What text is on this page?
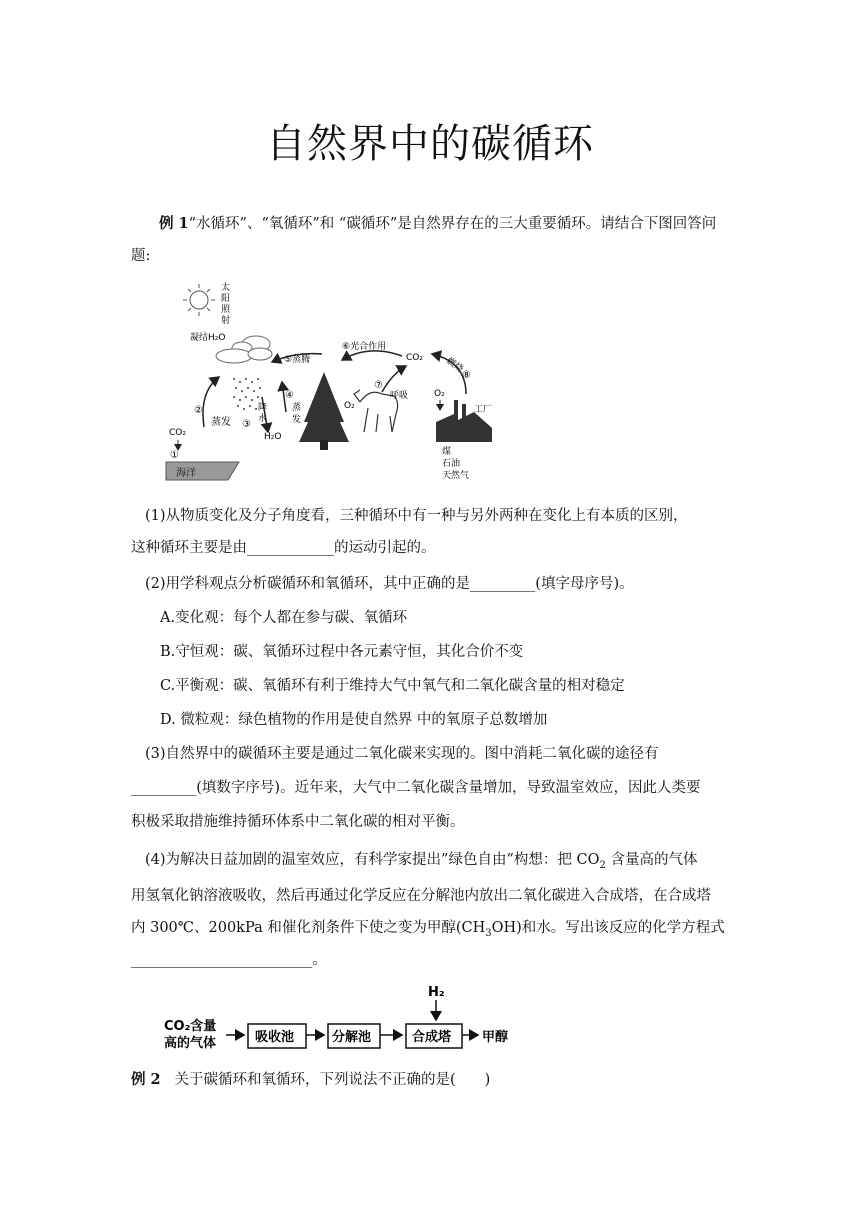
自然界中的碳循环
例 1“水循环”、“氧循环”和 “碳循环”是自然界存在的三大重要循环。请结合下图回答问 题:
太
阳
照
射
凝结H₂O
②
蒸发 ③
降
水
H₂O
CO₂
①
海洋
⑤蒸腾
④
蒸
发
⑥光合作用
CO₂
O₂
⑦
呼吸
燃烧
⑧
O₂
工厂
煤
石油
天然气
(1)从物质变化及分子角度看，三种循环中有一种与另外两种在变化上有本质的区别，
这种循环主要是由____________的运动引起的。
(2)用学科观点分析碳循环和氧循环，其中正确的是_________(填字母序号)。
A.变化观：每个人都在参与碳、氧循环
B.守恒观：碳、氧循环过程中各元素守恒，其化合价不变
C.平衡观：碳、氧循环有利于维持大气中氧气和二氧化碳含量的相对稳定
D. 微粒观：绿色植物的作用是使自然界 中的氧原子总数增加
(3)自然界中的碳循环主要是通过二氧化碳来实现的。图中消耗二氧化碳的途径有
_________(填数字序号)。近年来，大气中二氧化碳含量增加，导致温室效应，因此人类要
积极采取措施维持循环体系中二氧化碳的相对平衡。
(4)为解决日益加剧的温室效应，有科学家提出”绿色自由”构想：把 $CO_2$ 含量高的气体
用氢氧化钠溶液吸收，然后再通过化学反应在分解池内放出二氧化碳进入合成塔，在合成塔
内 300℃、200kPa 和催化剂条件下使之变为甲醇$(CH_3OH)$和水。写出该反应的化学方程式
_________________________。
CO₂含量
高的气体	吸收池	分解池	合成塔
H₂
甲醇
例 2 关于碳循环和氧循环，下列说法不正确的是(　　)
